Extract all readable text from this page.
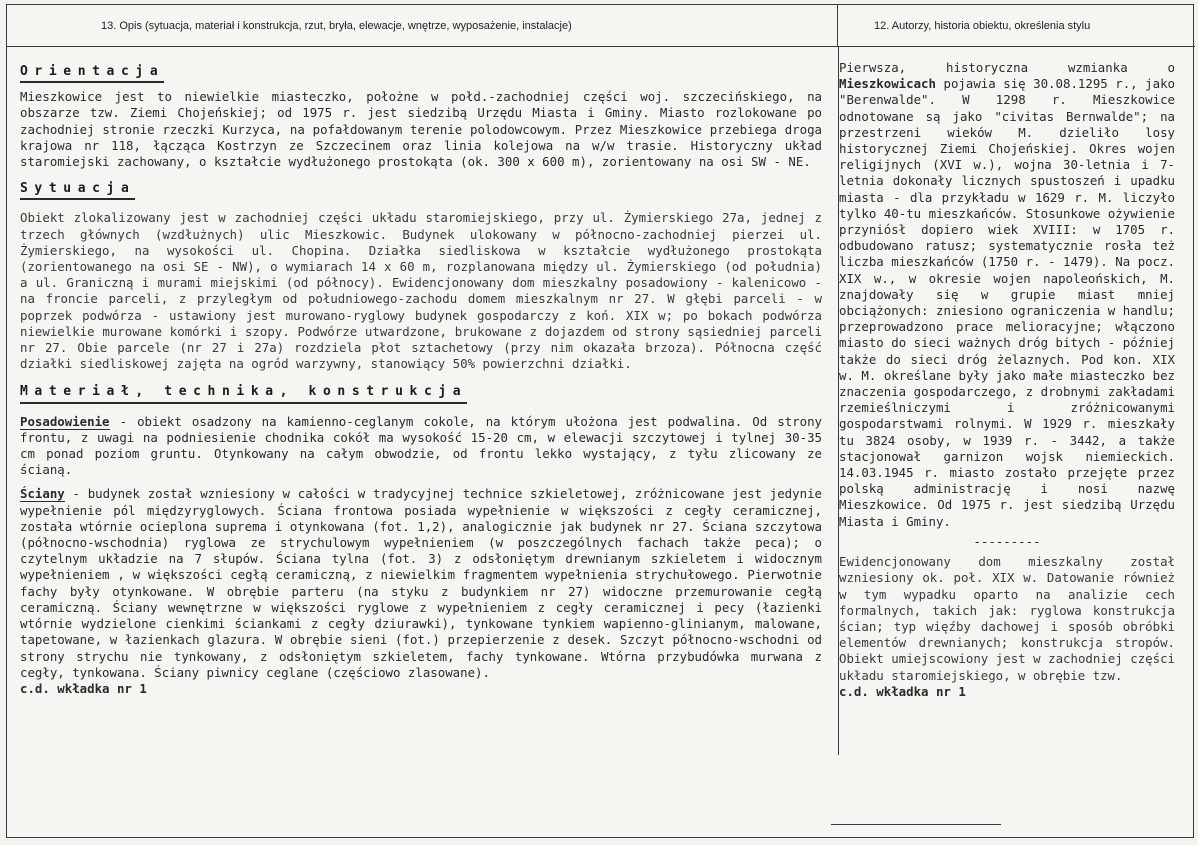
13. Opis (sytuacja, materiał i konstrukcja, rzut, bryła, elewacje, wnętrze, wyposażenie, instalacje)	12. Autorzy, historia obiektu, określenia stylu
Orientacja

Mieszkowice jest to niewielkie miasteczko, położne w połd.-zachodniej części woj. szczecińskiego, na obszarze tzw. Ziemi Chojeńskiej; od 1975 r. jest siedzibą Urzędu Miasta i Gminy. Miasto rozlokowane po zachodniej stronie rzeczki Kurzyca, na pofałdowanym terenie polodowcowym. Przez Mieszkowice przebiega droga krajowa nr 118, łącząca Kostrzyn ze Szczecinem oraz linia kolejowa na w/w trasie. Historyczny układ staromiejski zachowany, o kształcie wydłużonego prostokąta (ok. 300 x 600 m), zorientowany na osi SW - NE.

Sytuacja

Obiekt zlokalizowany jest w zachodniej części układu staromiejskiego, przy ul. Żymierskiego 27a, jednej z trzech głównych (wzdłużnych) ulic Mieszkowic. Budynek ulokowany w północno-zachodniej pierzei ul. Żymierskiego, na wysokości ul. Chopina. Działka siedliskowa w kształcie wydłużonego prostokąta (zorientowanego na osi SE - NW), o wymiarach 14 x 60 m, rozplanowana między ul. Żymierskiego (od południa) a ul. Graniczną i murami miejskimi (od północy). Ewidencjonowany dom mieszkalny posadowiony - kalenicowo - na froncie parceli, z przyległym od południowego-zachodu domem mieszkalnym nr 27. W głębi parceli - w poprzek podwórza - ustawiony jest murowano-ryglowy budynek gospodarczy z koń. XIX w; po bokach podwórza niewielkie murowane komórki i szopy. Podwórze utwardzone, brukowane z dojazdem od strony sąsiedniej parceli nr 27. Obie parcele (nr 27 i 27a) rozdziela płot sztachetowy (przy nim okazała brzoza). Północna część działki siedliskowej zajęta na ogród warzywny, stanowiący 50% powierzchni działki.

Materiał, technika, konstrukcja

Posadowienie - obiekt osadzony na kamienno-ceglanym cokole, na którym ułożona jest podwalina. Od strony frontu, z uwagi na podniesienie chodnika cokół ma wysokość 15-20 cm, w elewacji szczytowej i tylnej 30-35 cm ponad poziom gruntu. Otynkowany na całym obwodzie, od frontu lekko wystający, z tyłu zlicowany ze ścianą.

Ściany - budynek został wzniesiony w całości w tradycyjnej technice szkieletowej, zróżnicowane jest jedynie wypełnienie pól międzyryglowych. Ściana frontowa posiada wypełnienie w większości z cegły ceramicznej, została wtórnie ocieplona suprema i otynkowana (fot. 1,2), analogicznie jak budynek nr 27. Ściana szczytowa (północno-wschodnia) ryglowa ze strychulowym wypełnieniem (w poszczególnych fachach także peca); o czytelnym układzie na 7 słupów. Ściana tylna (fot. 3) z odsłoniętym drewnianym szkieletem i widocznym wypełnieniem , w większości cegłą ceramiczną, z niewielkim fragmentem wypełnienia strychułowego. Pierwotnie fachy były otynkowane. W obrębie parteru (na styku z budynkiem nr 27) widoczne przemurowanie cegłą ceramiczną. Ściany wewnętrzne w większości ryglowe z wypełnieniem z cegły ceramicznej i pecy (łazienki wtórnie wydzielone cienkimi ściankami z cegły dziurawki), tynkowane tynkiem wapienno-glinianym, malowane, tapetowane, w łazienkach glazura. W obrębie sieni (fot.) przepierzenie z desek. Szczyt północno-wschodni od strony strychu nie tynkowany, z odsłoniętym szkieletem, fachy tynkowane. Wtórna przybudówka murwana z cegły, tynkowana. Ściany piwnicy ceglane (częściowo zlasowane).

c.d. wkładka nr 1

Pierwsza, historyczna wzmianka o Mieszkowicach pojawia się 30.08.1295 r., jako "Berenwalde". W 1298 r. Mieszkowice odnotowane są jako "civitas Bernwalde"; na przestrzeni wieków M. dzieliło losy historycznej Ziemi Chojeńskiej. Okres wojen religijnych (XVI w.), wojna 30-letnia i 7-letnia dokonały licznych spustoszeń i upadku miasta - dla przykładu w 1629 r. M. liczyło tylko 40-tu mieszkańców. Stosunkowe ożywienie przyniósł dopiero wiek XVIII: w 1705 r. odbudowano ratusz; systematycznie rosła też liczba mieszkańców (1750 r. - 1479). Na pocz. XIX w., w okresie wojen napoleońskich, M. znajdowały się w grupie miast mniej obciążonych: zniesiono ograniczenia w handlu; przeprowadzono prace melioracyjne; włączono miasto do sieci ważnych dróg bitych - później także do sieci dróg żelaznych. Pod kon. XIX w. M. określane były jako małe miasteczko bez znaczenia gospodarczego, z drobnymi zakładami rzemieślniczymi i zróżnicowanymi gospodarstwami rolnymi. W 1929 r. mieszkały tu 3824 osoby, w 1939 r. - 3442, a także stacjonował garnizon wojsk niemieckich. 14.03.1945 r. miasto zostało przejęte przez polską administrację i nosi nazwę Mieszkowice. Od 1975 r. jest siedzibą Urzędu Miasta i Gminy.

---------

Ewidencjonowany dom mieszkalny został wzniesiony ok. poł. XIX w. Datowanie również w tym wypadku oparto na analizie cech formalnych, takich jak: ryglowa konstrukcja ścian; typ więźby dachowej i sposób obróbki elementów drewnianych; konstrukcja stropów. Obiekt umiejscowiony jest w zachodniej części układu staromiejskiego, w obrębie tzw.

c.d. wkładka nr 1
